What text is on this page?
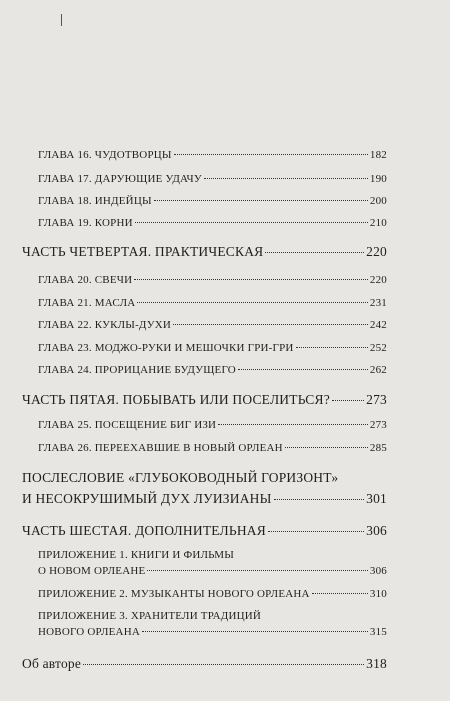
ГЛАВА 16. ЧУДОТВОРЦЫ	182
ГЛАВА 17. ДАРУЮЩИЕ УДАЧУ	190
ГЛАВА 18. ИНДЕЙЦЫ	200
ГЛАВА 19. КОРНИ	210
ЧАСТЬ ЧЕТВЕРТАЯ. ПРАКТИЧЕСКАЯ	220
ГЛАВА 20. СВЕЧИ	220
ГЛАВА 21. МАСЛА	231
ГЛАВА 22. КУКЛЫ-ДУХИ	242
ГЛАВА 23. МОДЖО-РУКИ И МЕШОЧКИ ГРИ-ГРИ	252
ГЛАВА 24. ПРОРИЦАНИЕ БУДУЩЕГО	262
ЧАСТЬ ПЯТАЯ. ПОБЫВАТЬ ИЛИ ПОСЕЛИТЬСЯ?	273
ГЛАВА 25. ПОСЕЩЕНИЕ БИГ ИЗИ	273
ГЛАВА 26. ПЕРЕЕХАВШИЕ В НОВЫЙ ОРЛЕАН	285
ПОСЛЕСЛОВИЕ «ГЛУБОКОВОДНЫЙ ГОРИЗОНТ»
И НЕСОКРУШИМЫЙ ДУХ ЛУИЗИАНЫ	301
ЧАСТЬ ШЕСТАЯ. ДОПОЛНИТЕЛЬНАЯ	306
ПРИЛОЖЕНИЕ 1. КНИГИ И ФИЛЬМЫ
О НОВОМ ОРЛЕАНЕ	306
ПРИЛОЖЕНИЕ 2. МУЗЫКАНТЫ НОВОГО ОРЛЕАНА	310
ПРИЛОЖЕНИЕ 3. ХРАНИТЕЛИ ТРАДИЦИЙ
НОВОГО ОРЛЕАНА	315
Об авторе	318
